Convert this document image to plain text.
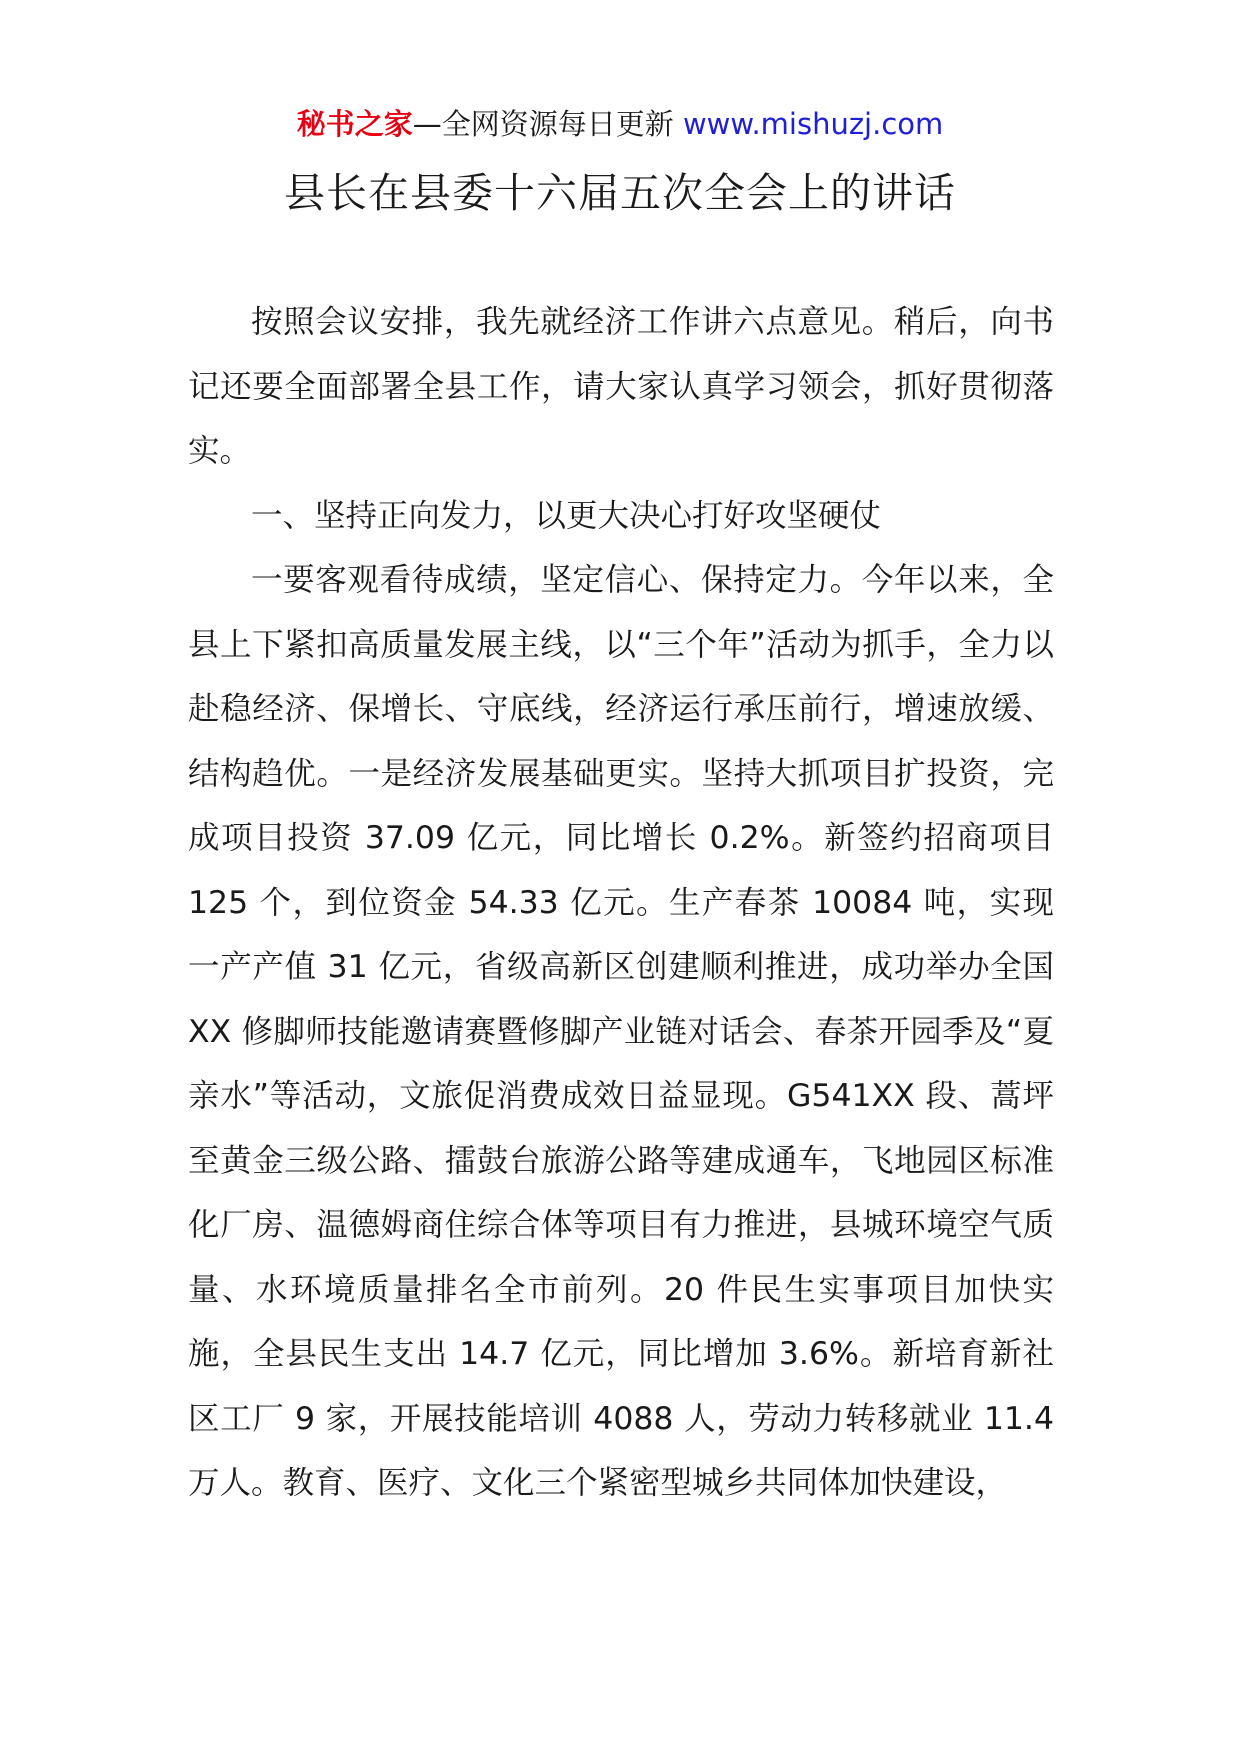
秘书之家—全网资源每日更新 www.mishuzj.com
县长在县委十六届五次全会上的讲话

按照会议安排，我先就经济工作讲六点意见。稍后，向书记还要全面部署全县工作，请大家认真学习领会，抓好贯彻落实。

一、坚持正向发力，以更大决心打好攻坚硬仗

一要客观看待成绩，坚定信心、保持定力。今年以来，全县上下紧扣高质量发展主线，以“三个年”活动为抓手，全力以赴稳经济、保增长、守底线，经济运行承压前行，增速放缓、结构趋优。一是经济发展基础更实。坚持大抓项目扩投资，完成项目投资 37.09 亿元，同比增长 0.2%。新签约招商项目 125 个，到位资金 54.33 亿元。生产春茶 10084 吨，实现一产产值 31 亿元，省级高新区创建顺利推进，成功举办全国 XX 修脚师技能邀请赛暨修脚产业链对话会、春茶开园季及“夏亲水”等活动，文旅促消费成效日益显现。G541XX 段、蒿坪至黄金三级公路、擂鼓台旅游公路等建成通车，飞地园区标准化厂房、温德姆商住综合体等项目有力推进，县城环境空气质量、水环境质量排名全市前列。20 件民生实事项目加快实施，全县民生支出 14.7 亿元，同比增加 3.6%。新培育新社区工厂 9 家，开展技能培训 4088 人，劳动力转移就业 11.4 万人。教育、医疗、文化三个紧密型城乡共同体加快建设，
